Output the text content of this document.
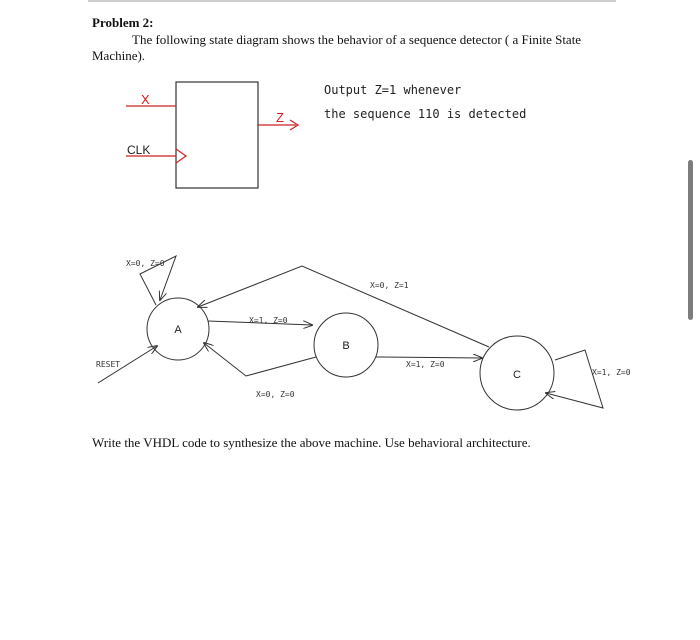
Problem 2:
The following state diagram shows the behavior of a sequence detector ( a Finite State Machine).
X
CLK
Z
Output Z=1 whenever
the sequence 110 is detected
A
B
C
RESET
X=0, Z=0
X=1, Z=0
X=0, Z=0
X=1, Z=0
X=0, Z=1
X=1, Z=0
Write the VHDL code to synthesize the above machine. Use behavioral architecture.
